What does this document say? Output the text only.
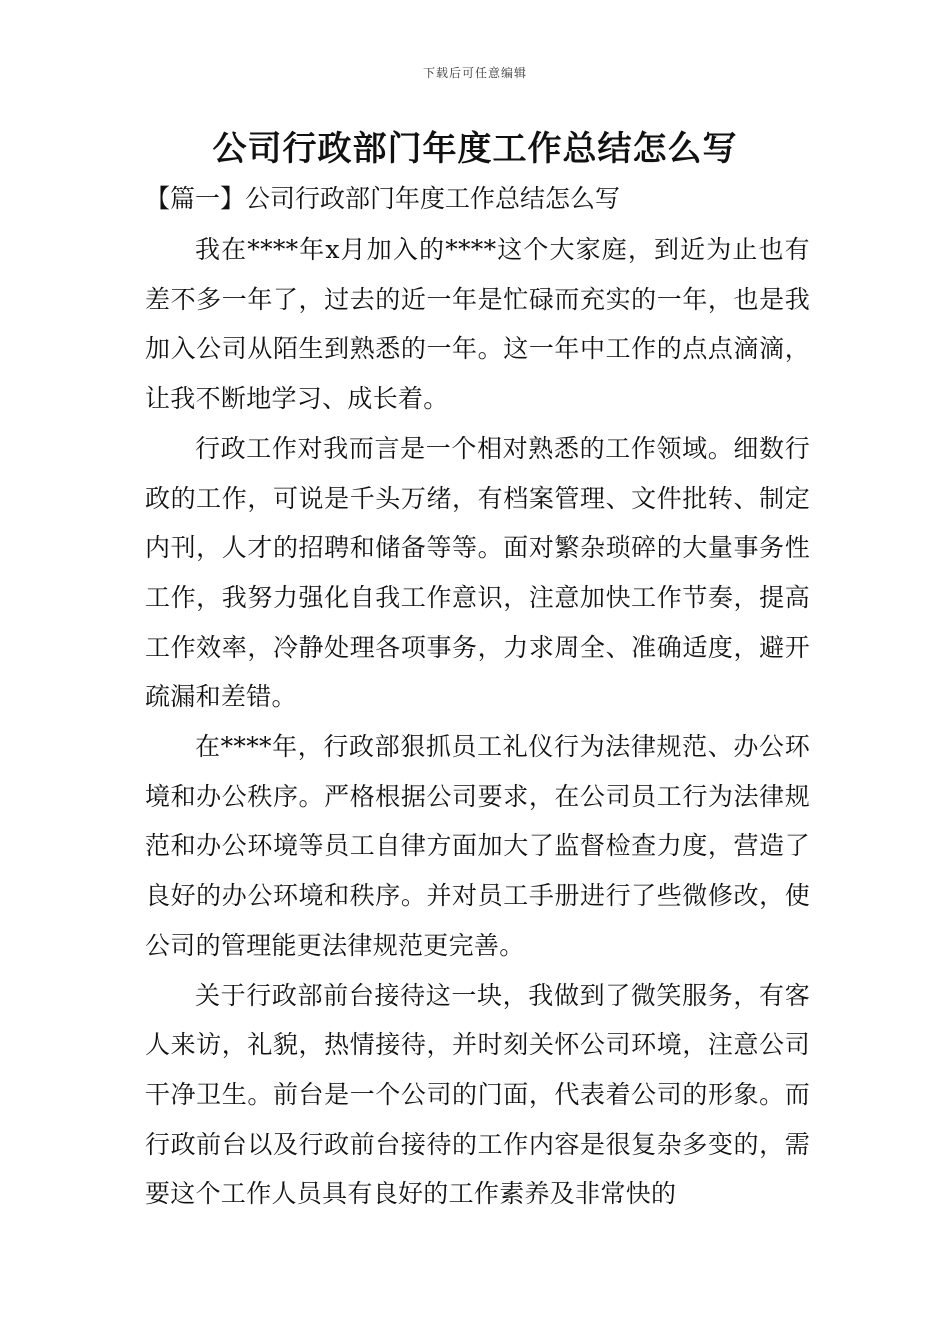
下载后可任意编辑
公司行政部门年度工作总结怎么写
【篇一】公司行政部门年度工作总结怎么写

我在****年x月加入的****这个大家庭，到近为止也有差不多一年了，过去的近一年是忙碌而充实的一年，也是我加入公司从陌生到熟悉的一年。这一年中工作的点点滴滴，让我不断地学习、成长着。

行政工作对我而言是一个相对熟悉的工作领域。细数行政的工作，可说是千头万绪，有档案管理、文件批转、制定内刊，人才的招聘和储备等等。面对繁杂琐碎的大量事务性工作，我努力强化自我工作意识，注意加快工作节奏，提高工作效率，冷静处理各项事务，力求周全、准确适度，避开疏漏和差错。

在****年，行政部狠抓员工礼仪行为法律规范、办公环境和办公秩序。严格根据公司要求，在公司员工行为法律规范和办公环境等员工自律方面加大了监督检查力度，营造了良好的办公环境和秩序。并对员工手册进行了些微修改，使公司的管理能更法律规范更完善。

关于行政部前台接待这一块，我做到了微笑服务，有客人来访，礼貌，热情接待，并时刻关怀公司环境，注意公司干净卫生。前台是一个公司的门面，代表着公司的形象。而行政前台以及行政前台接待的工作内容是很复杂多变的，需要这个工作人员具有良好的工作素养及非常快的
